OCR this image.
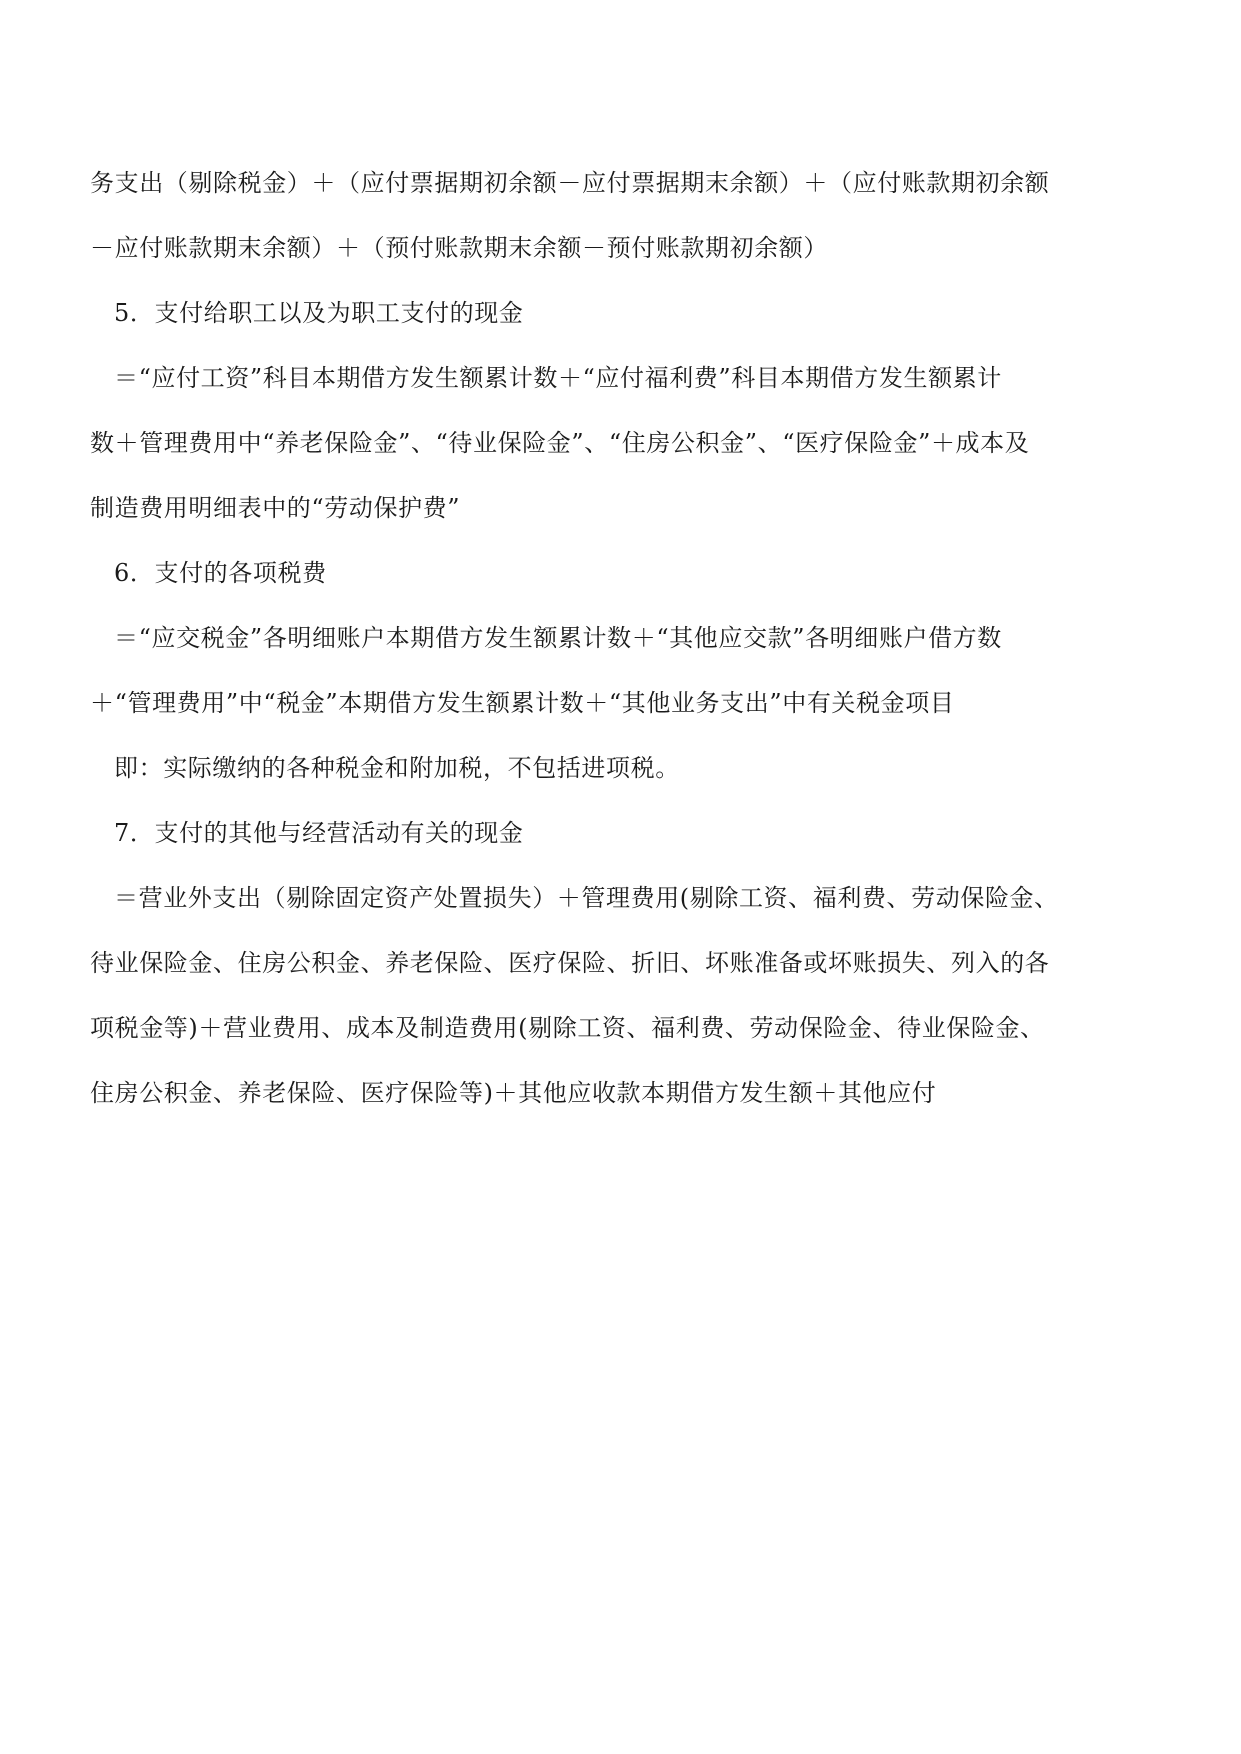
务支出（剔除税金）＋（应付票据期初余额－应付票据期末余额）＋（应付账款期初余额
－应付账款期末余额）＋（预付账款期末余额－预付账款期初余额）
5．支付给职工以及为职工支付的现金
＝“应付工资”科目本期借方发生额累计数＋“应付福利费”科目本期借方发生额累计
数＋管理费用中“养老保险金”、“待业保险金”、“住房公积金”、“医疗保险金”＋成本及
制造费用明细表中的“劳动保护费”
6．支付的各项税费
＝“应交税金”各明细账户本期借方发生额累计数＋“其他应交款”各明细账户借方数
＋“管理费用”中“税金”本期借方发生额累计数＋“其他业务支出”中有关税金项目
即：实际缴纳的各种税金和附加税，不包括进项税。
7．支付的其他与经营活动有关的现金
＝营业外支出（剔除固定资产处置损失）＋管理费用(剔除工资、福利费、劳动保险金、
待业保险金、住房公积金、养老保险、医疗保险、折旧、坏账准备或坏账损失、列入的各
项税金等)＋营业费用、成本及制造费用(剔除工资、福利费、劳动保险金、待业保险金、
住房公积金、养老保险、医疗保险等)＋其他应收款本期借方发生额＋其他应付
